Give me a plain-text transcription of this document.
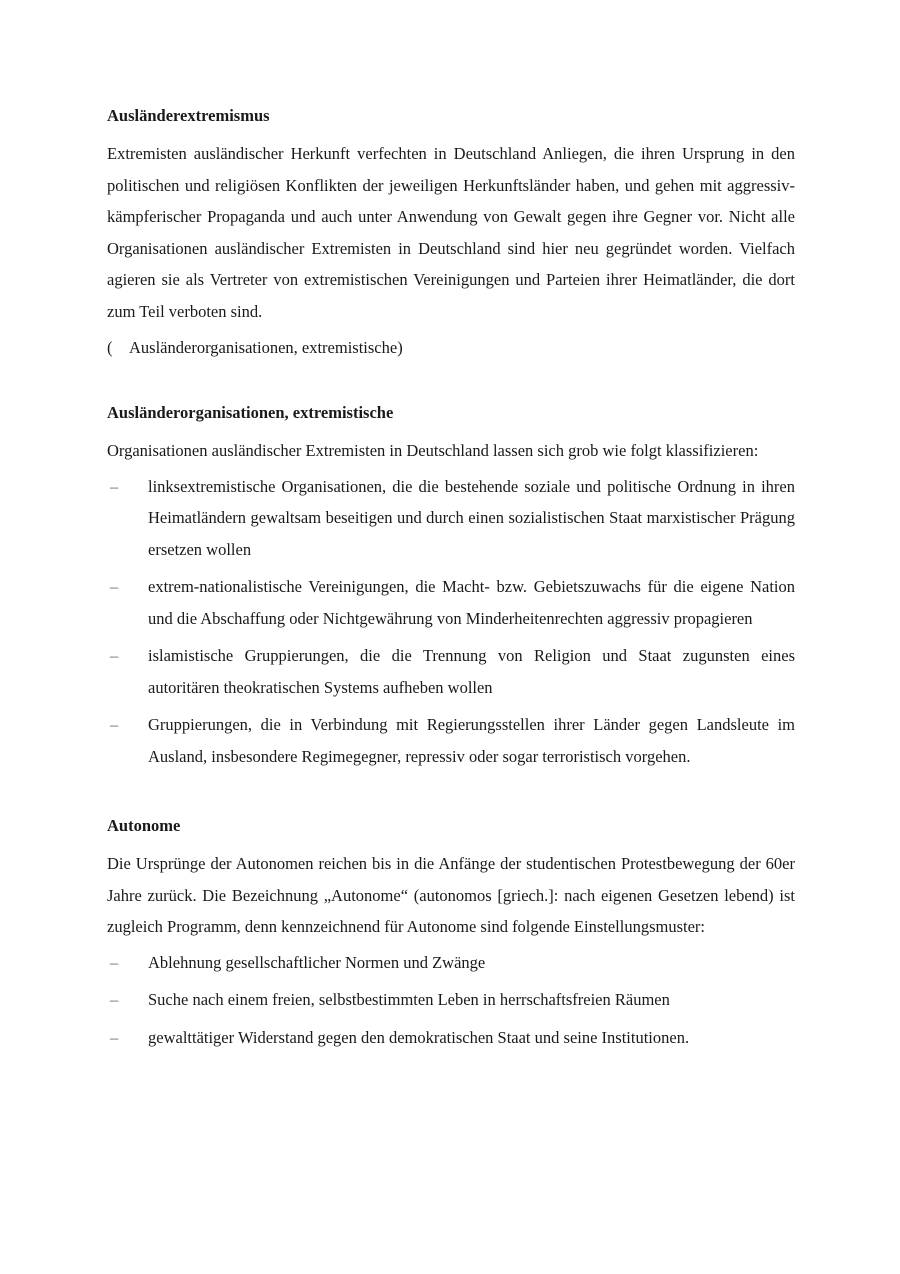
Ausländerextremismus

Extremisten ausländischer Herkunft verfechten in Deutschland Anliegen, die ihren Ursprung in den politischen und religiösen Konflikten der jeweiligen Herkunftsländer haben, und gehen mit aggressiv-kämpferischer Propaganda und auch unter Anwendung von Gewalt gegen ihre Gegner vor. Nicht alle Organisationen ausländischer Extremisten in Deutschland sind hier neu gegründet worden. Vielfach agieren sie als Vertreter von extremistischen Vereinigungen und Parteien ihrer Heimatländer, die dort zum Teil verboten sind.

( Ausländerorganisationen, extremistische)

Ausländerorganisationen, extremistische

Organisationen ausländischer Extremisten in Deutschland lassen sich grob wie folgt klassifizieren:

– linksextremistische Organisationen, die die bestehende soziale und politische Ordnung in ihren Heimatländern gewaltsam beseitigen und durch einen sozialistischen Staat marxistischer Prägung ersetzen wollen
– extrem-nationalistische Vereinigungen, die Macht- bzw. Gebietszuwachs für die eigene Nation und die Abschaffung oder Nichtgewährung von Minderheitenrechten aggressiv propagieren
– islamistische Gruppierungen, die die Trennung von Religion und Staat zugunsten eines autoritären theokratischen Systems aufheben wollen
– Gruppierungen, die in Verbindung mit Regierungsstellen ihrer Länder gegen Landsleute im Ausland, insbesondere Regimegegner, repressiv oder sogar terroristisch vorgehen.
Autonome

Die Ursprünge der Autonomen reichen bis in die Anfänge der studentischen Protestbewegung der 60er Jahre zurück. Die Bezeichnung „Autonome“ (autonomos [griech.]: nach eigenen Gesetzen lebend) ist zugleich Programm, denn kennzeichnend für Autonome sind folgende Einstellungsmuster:

– Ablehnung gesellschaftlicher Normen und Zwänge
– Suche nach einem freien, selbstbestimmten Leben in herrschaftsfreien Räumen
– gewalttätiger Widerstand gegen den demokratischen Staat und seine Institutionen.
